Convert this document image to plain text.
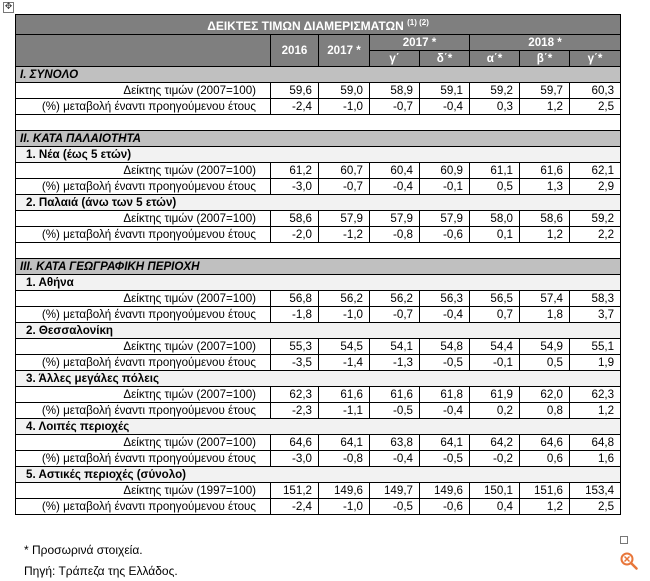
✥
ΔΕΙΚΤΕΣ ΤΙΜΩΝ ΔΙΑΜΕΡΙΣΜΑΤΩΝ $^{(1) (2)}$
	2016	2017 *	2017 *		2018 *		
			γ΄	δ΄*	α΄*	β΄*	γ΄*
I. ΣΥΝΟΛΟ							
Δείκτης τιμών (2007=100)	59,6	59,0	58,9	59,1	59,2	59,7	60,3
(%) μεταβολή έναντι προηγούμενου έτους	-2,4	-1,0	-0,7	-0,4	0,3	1,2	2,5

II. ΚΑΤΑ ΠΑΛΑΙΟΤΗΤΑ							
1. Νέα (έως 5 ετών)							
Δείκτης τιμών (2007=100)	61,2	60,7	60,4	60,9	61,1	61,6	62,1
(%) μεταβολή έναντι προηγούμενου έτους	-3,0	-0,7	-0,4	-0,1	0,5	1,3	2,9
2. Παλαιά (άνω των 5 ετών)							
Δείκτης τιμών (2007=100)	58,6	57,9	57,9	57,9	58,0	58,6	59,2
(%) μεταβολή έναντι προηγούμενου έτους	-2,0	-1,2	-0,8	-0,6	0,1	1,2	2,2

III. ΚΑΤΑ ΓΕΩΓΡΑΦΙΚΗ ΠΕΡΙΟΧΗ							
1. Αθήνα							
Δείκτης τιμών (2007=100)	56,8	56,2	56,2	56,3	56,5	57,4	58,3
(%) μεταβολή έναντι προηγούμενου έτους	-1,8	-1,0	-0,7	-0,4	0,7	1,8	3,7
2. Θεσσαλονίκη							
Δείκτης τιμών (2007=100)	55,3	54,5	54,1	54,8	54,4	54,9	55,1
(%) μεταβολή έναντι προηγούμενου έτους	-3,5	-1,4	-1,3	-0,5	-0,1	0,5	1,9
3. Άλλες μεγάλες πόλεις							
Δείκτης τιμών (2007=100)	62,3	61,6	61,6	61,8	61,9	62,0	62,3
(%) μεταβολή έναντι προηγούμενου έτους	-2,3	-1,1	-0,5	-0,4	0,2	0,8	1,2
4. Λοιπές περιοχές							
Δείκτης τιμών (2007=100)	64,6	64,1	63,8	64,1	64,2	64,6	64,8
(%) μεταβολή έναντι προηγούμενου έτους	-3,0	-0,8	-0,4	-0,5	-0,2	0,6	1,6
5. Αστικές περιοχές (σύνολο)							
Δείκτης τιμών (1997=100)	151,2	149,6	149,7	149,6	150,1	151,6	153,4
(%) μεταβολή έναντι προηγούμενου έτους	-2,4	-1,0	-0,5	-0,6	0,4	1,2	2,5
* Προσωρινά στοιχεία.
Πηγή: Τράπεζα της Ελλάδος.
